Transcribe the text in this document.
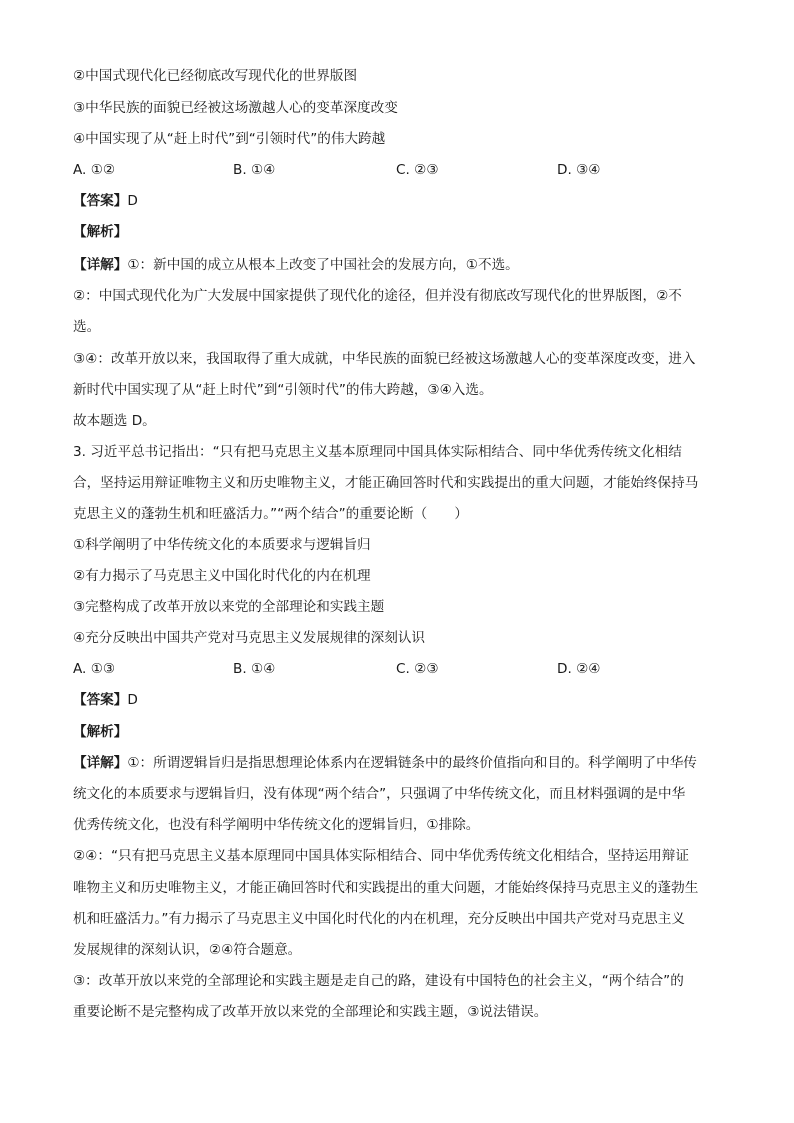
②中国式现代化已经彻底改写现代化的世界版图

③中华民族的面貌已经被这场激越人心的变革深度改变

④中国实现了从“赶上时代”到“引领时代”的伟大跨越

A. ①②	B. ①④	C. ②③	D. ③④

【答案】D

【解析】

【详解】①：新中国的成立从根本上改变了中国社会的发展方向，①不选。

②：中国式现代化为广大发展中国家提供了现代化的途径，但并没有彻底改写现代化的世界版图，②不

选。

③④：改革开放以来，我国取得了重大成就，中华民族的面貌已经被这场激越人心的变革深度改变，进入

新时代中国实现了从“赶上时代”到“引领时代”的伟大跨越，③④入选。

故本题选 D。

3. 习近平总书记指出：“只有把马克思主义基本原理同中国具体实际相结合、同中华优秀传统文化相结

合，坚持运用辩证唯物主义和历史唯物主义，才能正确回答时代和实践提出的重大问题，才能始终保持马

克思主义的蓬勃生机和旺盛活力。”“两个结合”的重要论断（　　）

①科学阐明了中华传统文化的本质要求与逻辑旨归

②有力揭示了马克思主义中国化时代化的内在机理

③完整构成了改革开放以来党的全部理论和实践主题

④充分反映出中国共产党对马克思主义发展规律的深刻认识

A. ①③	B. ①④	C. ②③	D. ②④

【答案】D

【解析】

【详解】①：所谓逻辑旨归是指思想理论体系内在逻辑链条中的最终价值指向和目的。科学阐明了中华传

统文化的本质要求与逻辑旨归，没有体现“两个结合”，只强调了中华传统文化，而且材料强调的是中华

优秀传统文化，也没有科学阐明中华传统文化的逻辑旨归，①排除。

②④：“只有把马克思主义基本原理同中国具体实际相结合、同中华优秀传统文化相结合，坚持运用辩证

唯物主义和历史唯物主义，才能正确回答时代和实践提出的重大问题，才能始终保持马克思主义的蓬勃生

机和旺盛活力。”有力揭示了马克思主义中国化时代化的内在机理，充分反映出中国共产党对马克思主义

发展规律的深刻认识，②④符合题意。

③：改革开放以来党的全部理论和实践主题是走自己的路，建设有中国特色的社会主义，“两个结合”的

重要论断不是完整构成了改革开放以来党的全部理论和实践主题，③说法错误。
